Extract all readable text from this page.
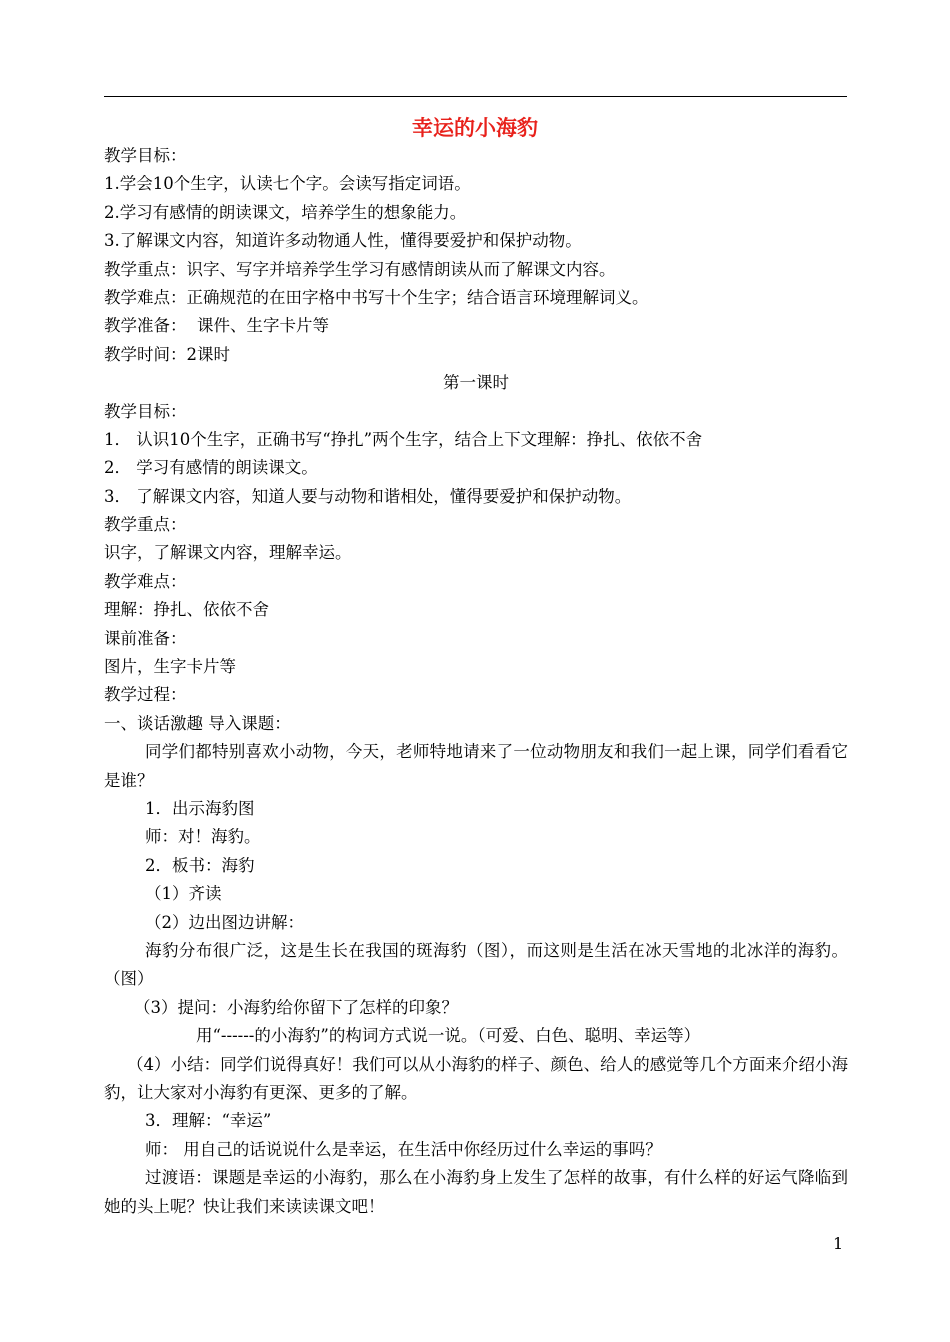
幸运的小海豹
教学目标：
1.学会10个生字，认读七个字。会读写指定词语。
2.学习有感情的朗读课文，培养学生的想象能力。
3.了解课文内容，知道许多动物通人性，懂得要爱护和保护动物。
教学重点：识字、写字并培养学生学习有感情朗读从而了解课文内容。
教学难点：正确规范的在田字格中书写十个生字；结合语言环境理解词义。
教学准备：  课件、生字卡片等
教学时间：2课时
第一课时
教学目标：
1． 认识10个生字，正确书写“挣扎”两个生字，结合上下文理解：挣扎、依依不舍
2． 学习有感情的朗读课文。
3． 了解课文内容，知道人要与动物和谐相处，懂得要爱护和保护动物。
教学重点：
识字，了解课文内容，理解幸运。
教学难点：
理解：挣扎、依依不舍
课前准备：
图片，生字卡片等
教学过程：
一、谈话激趣 导入课题：
同学们都特别喜欢小动物，今天，老师特地请来了一位动物朋友和我们一起上课，同学们看看它是谁？
1．出示海豹图
师：对！海豹。
2．板书：海豹
（1）齐读
（2）边出图边讲解：
海豹分布很广泛，这是生长在我国的斑海豹（图），而这则是生活在冰天雪地的北冰洋的海豹。（图）
（3）提问：小海豹给你留下了怎样的印象？
用“------的小海豹”的构词方式说一说。（可爱、白色、聪明、幸运等）
（4）小结：同学们说得真好！我们可以从小海豹的样子、颜色、给人的感觉等几个方面来介绍小海豹，让大家对小海豹有更深、更多的了解。
3．理解：“幸运”
师： 用自己的话说说什么是幸运，在生活中你经历过什么幸运的事吗？
过渡语：课题是幸运的小海豹，那么在小海豹身上发生了怎样的故事，有什么样的好运气降临到她的头上呢？快让我们来读读课文吧！
1
